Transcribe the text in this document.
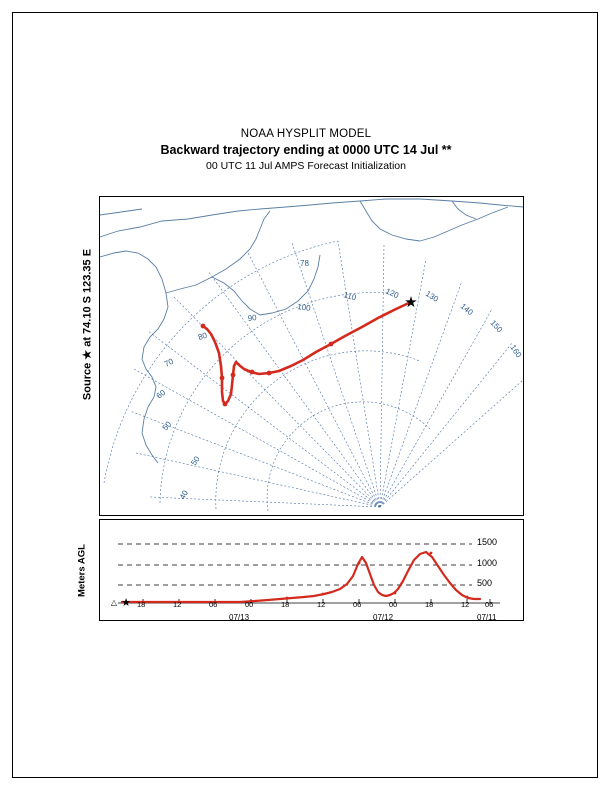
NOAA HYSPLIT MODEL
Backward trajectory ending at 0000 UTC 14 Jul **
00 UTC 11 Jul AMPS Forecast Initialization
Source ★ at 74.10 S 123.35 E
Meters AGL
40
50
50
60
70
80
90
100
110	120	130
140
150
160
78
★
★
△
1500
1000
500
18	12	06	00	18	12	06	00	18	12 06
07/13	07/12	07/11
